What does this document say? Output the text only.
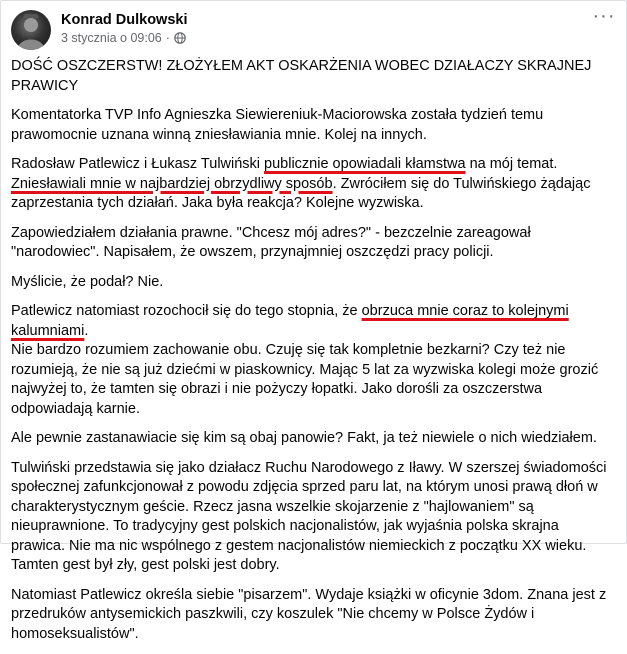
Konrad Dulkowski
3 stycznia o 09:06 ·
···

DOŚĆ OSZCZERSTW! ZŁOŻYŁEM AKT OSKARŻENIA WOBEC DZIAŁACZY SKRAJNEJ PRAWICY

Komentatorka TVP Info Agnieszka Siewiereniuk-Maciorowska została tydzień temu prawomocnie uznana winną zniesławiania mnie. Kolej na innych.

Radosław Patlewicz i Łukasz Tulwiński publicznie opowiadali kłamstwa na mój temat. Zniesławiali mnie w najbardziej obrzydliwy sposób. Zwróciłem się do Tulwińskiego żądając zaprzestania tych działań. Jaka była reakcja? Kolejne wyzwiska.

Zapowiedziałem działania prawne. "Chcesz mój adres?" - bezczelnie zareagował "narodowiec". Napisałem, że owszem, przynajmniej oszczędzi pracy policji.

Myślicie, że podał? Nie.

Patlewicz natomiast rozochocił się do tego stopnia, że obrzuca mnie coraz to kolejnymi kalumniami.

Nie bardzo rozumiem zachowanie obu. Czuję się tak kompletnie bezkarni? Czy też nie rozumieją, że nie są już dziećmi w piaskownicy. Mając 5 lat za wyzwiska kolegi może grozić najwyżej to, że tamten się obrazi i nie pożyczy łopatki. Jako dorośli za oszczerstwa odpowiadają karnie.

Ale pewnie zastanawiacie się kim są obaj panowie? Fakt, ja też niewiele o nich wiedziałem.

Tulwiński przedstawia się jako działacz Ruchu Narodowego z Iławy. W szerszej świadomości społecznej zafunkcjonował z powodu zdjęcia sprzed paru lat, na którym unosi prawą dłoń w charakterystycznym geście. Rzecz jasna wszelkie skojarzenie z "hajlowaniem" są nieuprawnione. To tradycyjny gest polskich nacjonalistów, jak wyjaśnia polska skrajna prawica. Nie ma nic wspólnego z gestem nacjonalistów niemieckich z początku XX wieku. Tamten gest był zły, gest polski jest dobry.

Natomiast Patlewicz określa siebie "pisarzem". Wydaje książki w oficynie 3dom. Znana jest z przedruków antysemickich paszkwili, czy koszulek "Nie chcemy w Polsce Żydów i homoseksualistów".
